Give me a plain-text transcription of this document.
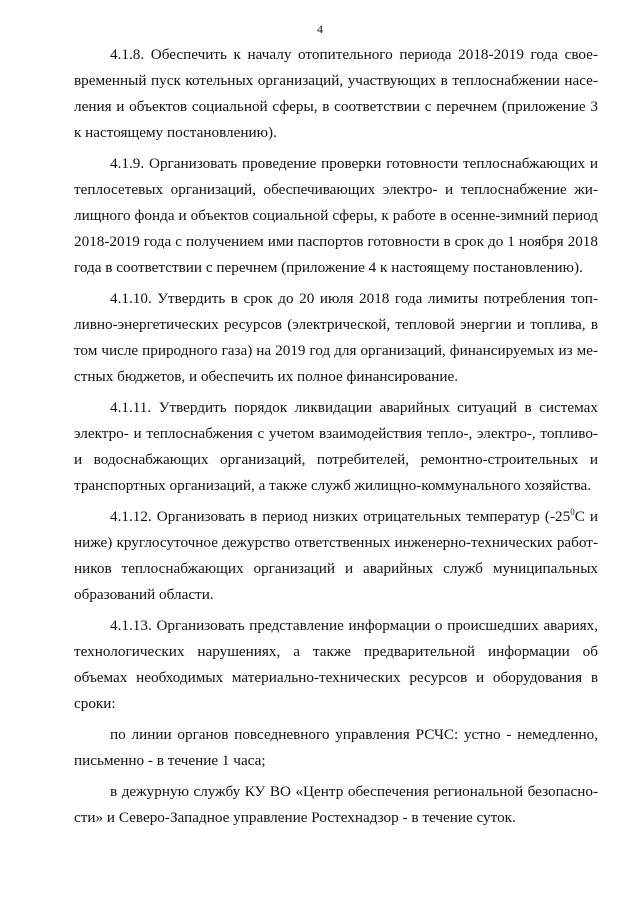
4

4.1.8. Обеспечить к началу отопительного периода 2018-2019 года своевременный пуск котельных организаций, участвующих в теплоснабжении населения и объектов социальной сферы, в соответствии с перечнем (приложение 3 к настоящему постановлению).

4.1.9. Организовать проведение проверки готовности теплоснабжающих и теплосетевых организаций, обеспечивающих электро- и теплоснабжение жилищного фонда и объектов социальной сферы, к работе в осенне-зимний период 2018-2019 года с получением ими паспортов готовности в срок до 1 ноября 2018 года в соответствии с перечнем (приложение 4 к настоящему постановлению).

4.1.10. Утвердить в срок до 20 июля 2018 года лимиты потребления топливно-энергетических ресурсов (электрической, тепловой энергии и топлива, в том числе природного газа) на 2019 год для организаций, финансируемых из местных бюджетов, и обеспечить их полное финансирование.

4.1.11. Утвердить порядок ликвидации аварийных ситуаций в системах электро- и теплоснабжения с учетом взаимодействия тепло-, электро-, топливо- и водоснабжающих организаций, потребителей, ремонтно-строительных и транспортных организаций, а также служб жилищно-коммунального хозяйства.

4.1.12. Организовать в период низких отрицательных температур ($-25^0С$ и ниже) круглосуточное дежурство ответственных инженерно-технических работников теплоснабжающих организаций и аварийных служб муниципальных образований области.

4.1.13. Организовать представление информации о происшедших авариях, технологических нарушениях, а также предварительной информации об объемах необходимых материально-технических ресурсов и оборудования в сроки:

по линии органов повседневного управления РСЧС: устно - немедленно, письменно - в течение 1 часа;

в дежурную службу КУ ВО «Центр обеспечения региональной безопасности» и Северо-Западное управление Ростехнадзор - в течение суток.
